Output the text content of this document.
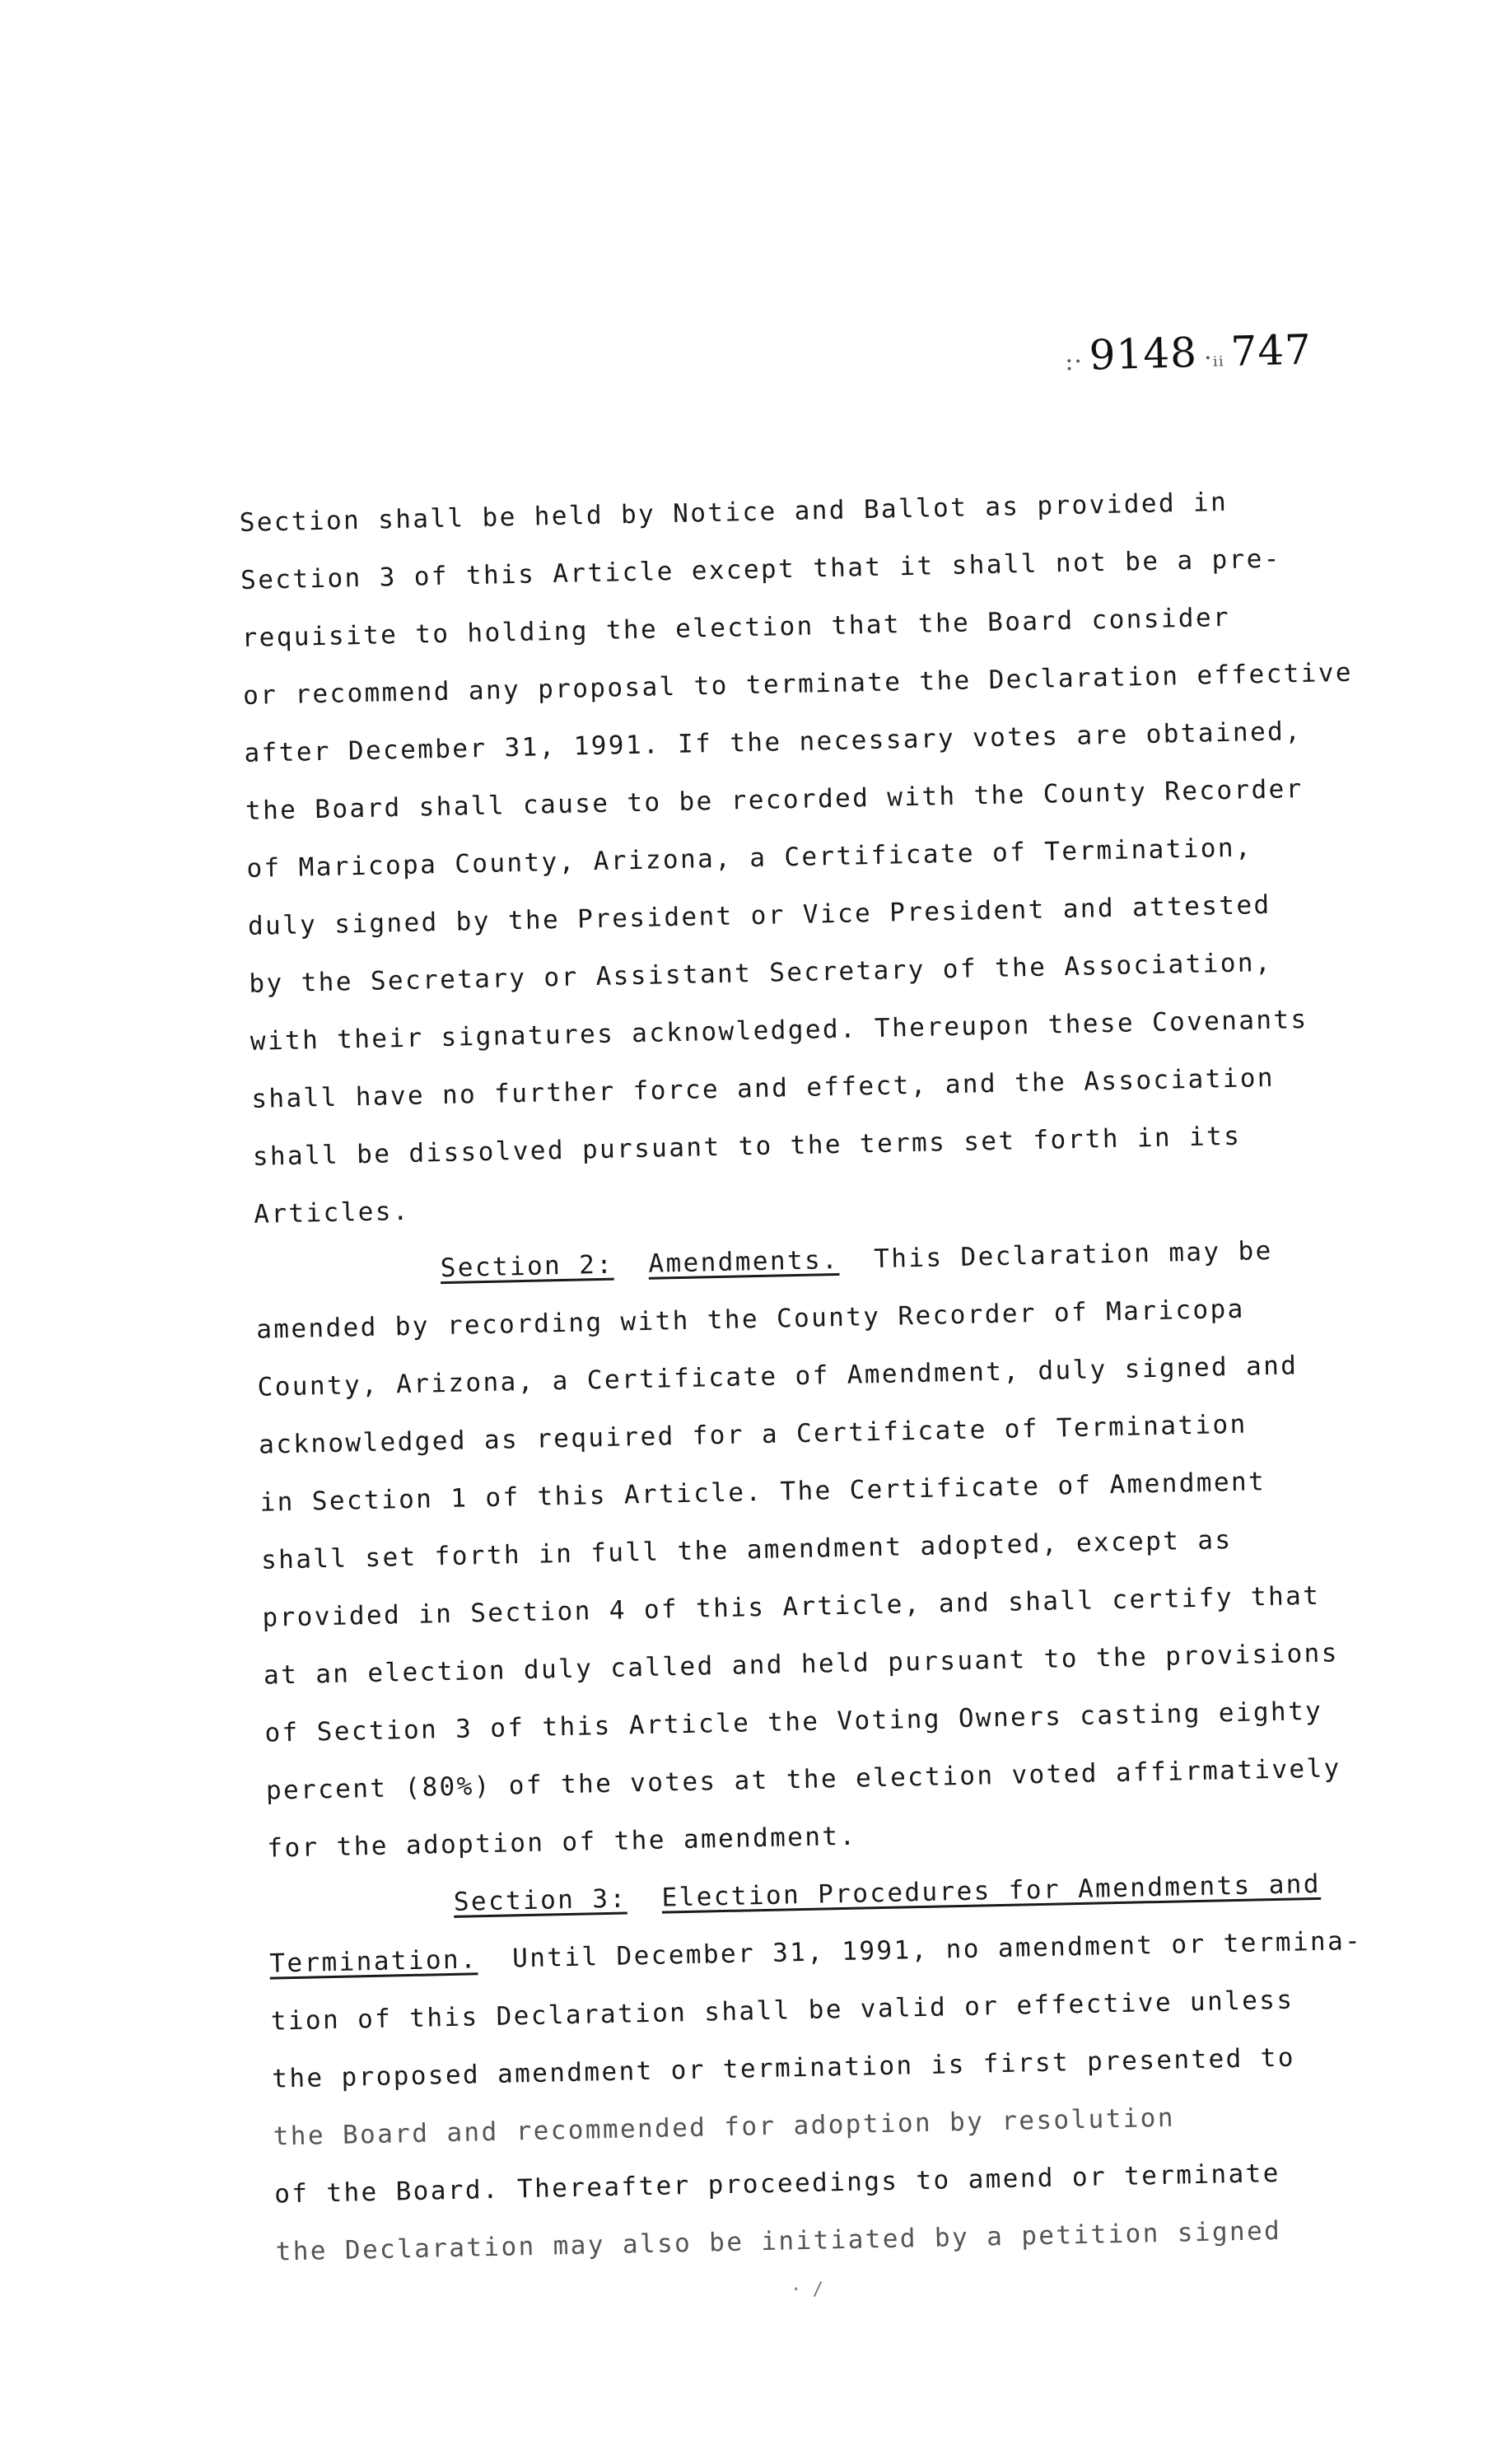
:· 9148 ·ᵢᵢ 747
Section shall be held by Notice and Ballot as provided in
Section 3 of this Article except that it shall not be a pre-
requisite to holding the election that the Board consider
or recommend any proposal to terminate the Declaration effective
after December 31, 1991. If the necessary votes are obtained,
the Board shall cause to be recorded with the County Recorder
of Maricopa County, Arizona, a Certificate of Termination,
duly signed by the President or Vice President and attested
by the Secretary or Assistant Secretary of the Association,
with their signatures acknowledged. Thereupon these Covenants
shall have no further force and effect, and the Association
shall be dissolved pursuant to the terms set forth in its
Articles.
Section 2: Amendments. This Declaration may be
amended by recording with the County Recorder of Maricopa
County, Arizona, a Certificate of Amendment, duly signed and
acknowledged as required for a Certificate of Termination
in Section 1 of this Article. The Certificate of Amendment
shall set forth in full the amendment adopted, except as
provided in Section 4 of this Article, and shall certify that
at an election duly called and held pursuant to the provisions
of Section 3 of this Article the Voting Owners casting eighty
percent (80%) of the votes at the election voted affirmatively
for the adoption of the amendment.
Section 3: Election Procedures for Amendments and
Termination. Until December 31, 1991, no amendment or termina-
tion of this Declaration shall be valid or effective unless
the proposed amendment or termination is first presented to
the Board and recommended for adoption by resolution
of the Board. Thereafter proceedings to amend or terminate
the Declaration may also be initiated by a petition signed
· /
